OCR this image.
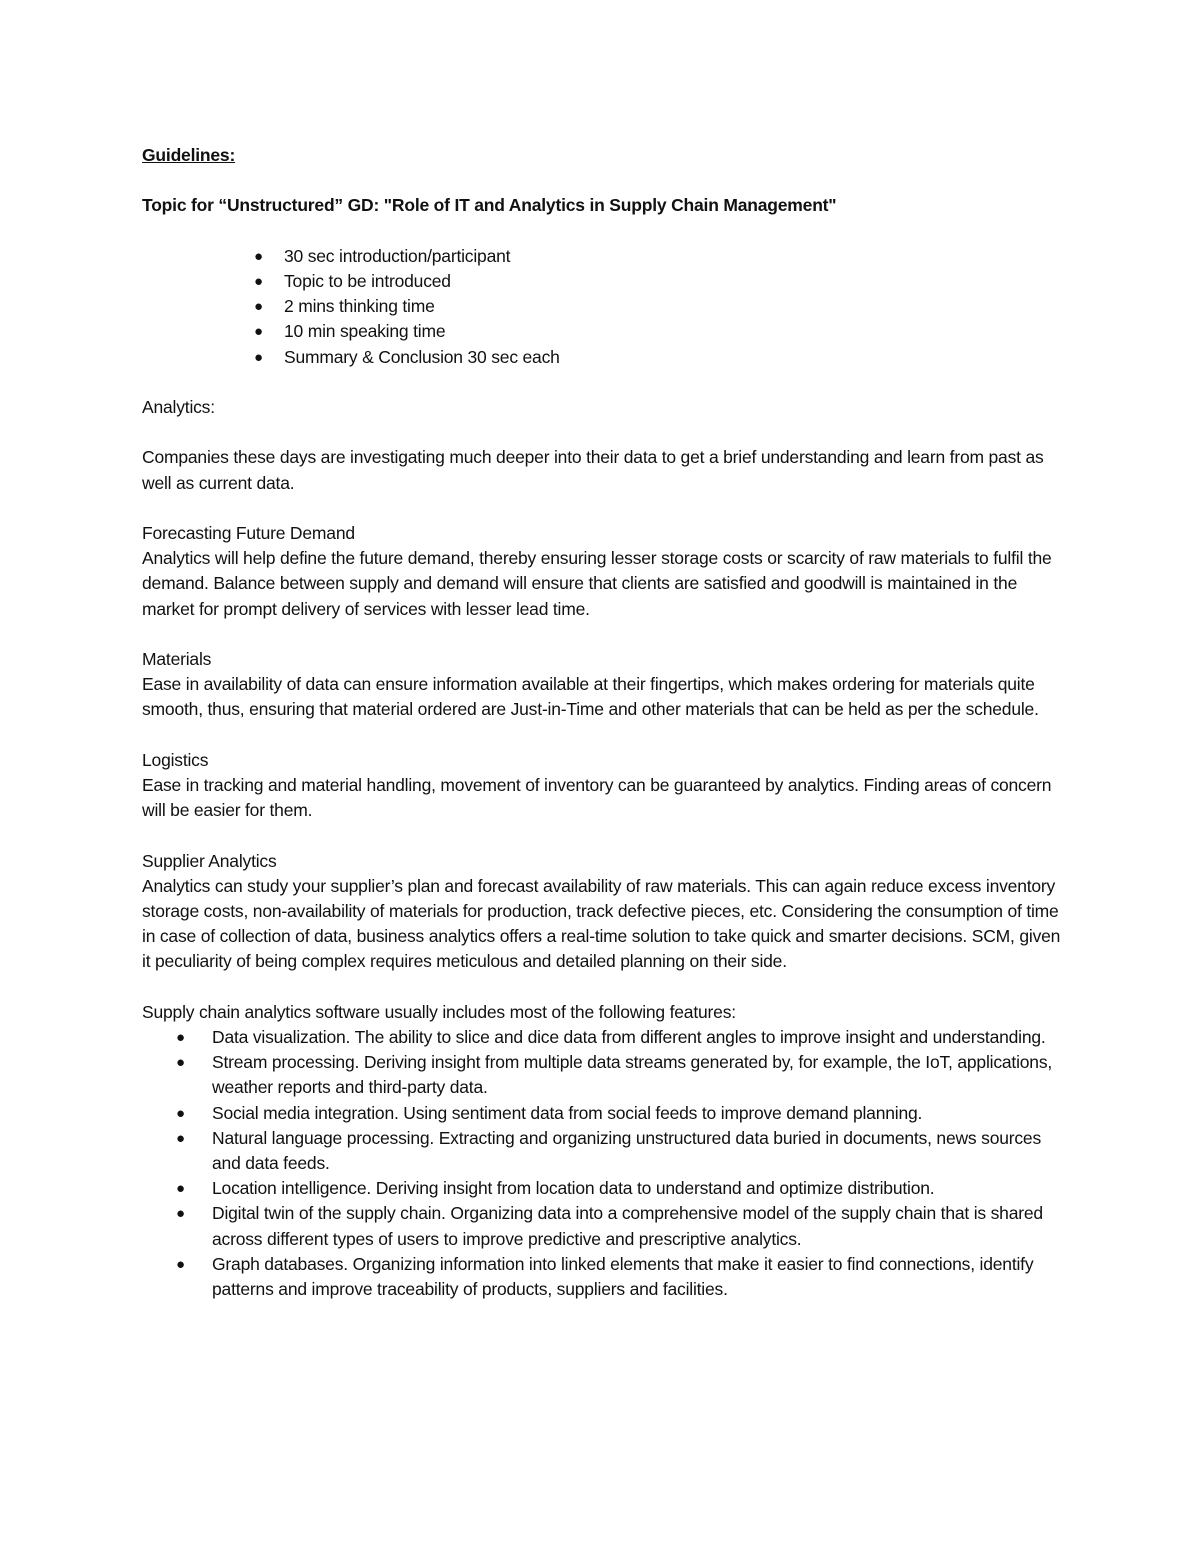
Guidelines:

Topic for “Unstructured” GD: "Role of IT and Analytics in Supply Chain Management"

● 30 sec introduction/participant
● Topic to be introduced
● 2 mins thinking time
● 10 min speaking time
● Summary & Conclusion 30 sec each

Analytics:

Companies these days are investigating much deeper into their data to get a brief understanding and learn from past as well as current data.

Forecasting Future Demand

Analytics will help define the future demand, thereby ensuring lesser storage costs or scarcity of raw materials to fulfil the demand. Balance between supply and demand will ensure that clients are satisfied and goodwill is maintained in the market for prompt delivery of services with lesser lead time.

Materials

Ease in availability of data can ensure information available at their fingertips, which makes ordering for materials quite smooth, thus, ensuring that material ordered are Just-in-Time and other materials that can be held as per the schedule.

Logistics

Ease in tracking and material handling, movement of inventory can be guaranteed by analytics. Finding areas of concern will be easier for them.

Supplier Analytics

Analytics can study your supplier’s plan and forecast availability of raw materials. This can again reduce excess inventory storage costs, non-availability of materials for production, track defective pieces, etc. Considering the consumption of time in case of collection of data, business analytics offers a real-time solution to take quick and smarter decisions. SCM, given it peculiarity of being complex requires meticulous and detailed planning on their side.

Supply chain analytics software usually includes most of the following features:

● Data visualization. The ability to slice and dice data from different angles to improve insight and understanding.
● Stream processing. Deriving insight from multiple data streams generated by, for example, the IoT, applications, weather reports and third-party data.
● Social media integration. Using sentiment data from social feeds to improve demand planning.
● Natural language processing. Extracting and organizing unstructured data buried in documents, news sources and data feeds.
● Location intelligence. Deriving insight from location data to understand and optimize distribution.
● Digital twin of the supply chain. Organizing data into a comprehensive model of the supply chain that is shared across different types of users to improve predictive and prescriptive analytics.
● Graph databases. Organizing information into linked elements that make it easier to find connections, identify patterns and improve traceability of products, suppliers and facilities.
